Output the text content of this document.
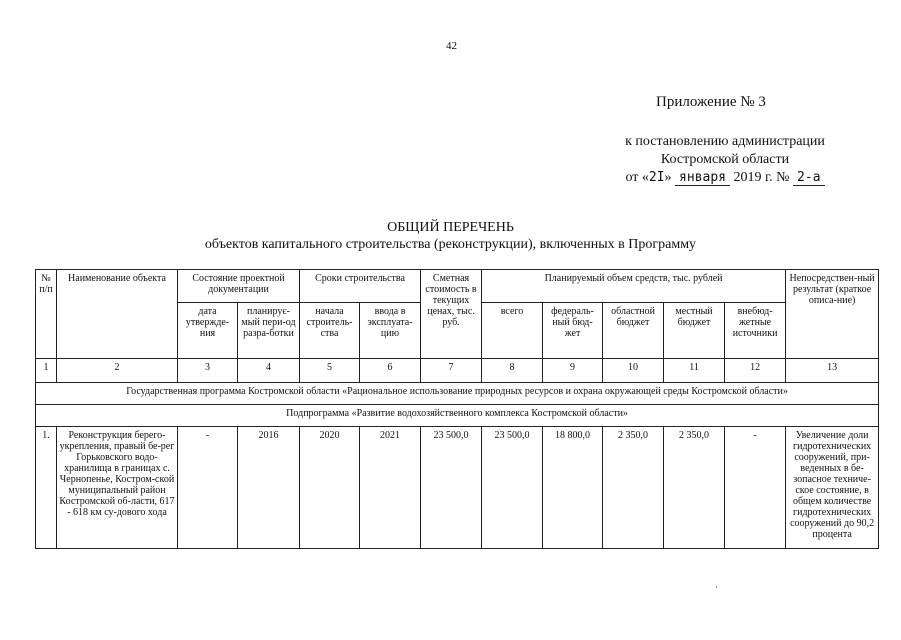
42
Приложение № 3
к постановлению администрации
Костромской области
от «2I» января 2019 г. № 2-а
ОБЩИЙ ПЕРЕЧЕНЬ
объектов капитального строительства (реконструкции), включенных в Программу
№ п/п	Наименование объекта	Состояние проектной документации		Сроки строительства		Сметная стоимость в текущих ценах, тыс. руб.	Планируемый объем средств, тыс. рублей					Непосредствен-ный результат (краткое описа-ние)
		дата утвержде-ния	планирує-мый пери-од разра-ботки	начала строитель-ства	ввода в эксплуата-цию		всего	федераль-ный бюд-жет	областной бюджет	местный бюджет	внебюд-жетные источники	
1	2	3	4	5	6	7	8	9	10	11	12	13
Государственная программа Костромской области «Рациональное использование природных ресурсов и охрана окружающей среды Костромской области»												
Подпрограмма «Развитие водохозяйственного комплекса Костромской области»												
1.	Реконструкция берего-укрепления, правый бе-рег Горьковского водо-хранилища в границах с. Чернопенье, Костром-ской муниципальный район Костромской об-ласти, 617 - 618 км су-дового хода	-	2016	2020	2021	23 500,0	23 500,0	18 800,0	2 350,0	2 350,0	-	Увеличение доли гидротехнических сооружений, при-веденных в бе-зопасное техниче-ское состояние, в общем количестве гидротехнических сооружений до 90,2 процента
·
